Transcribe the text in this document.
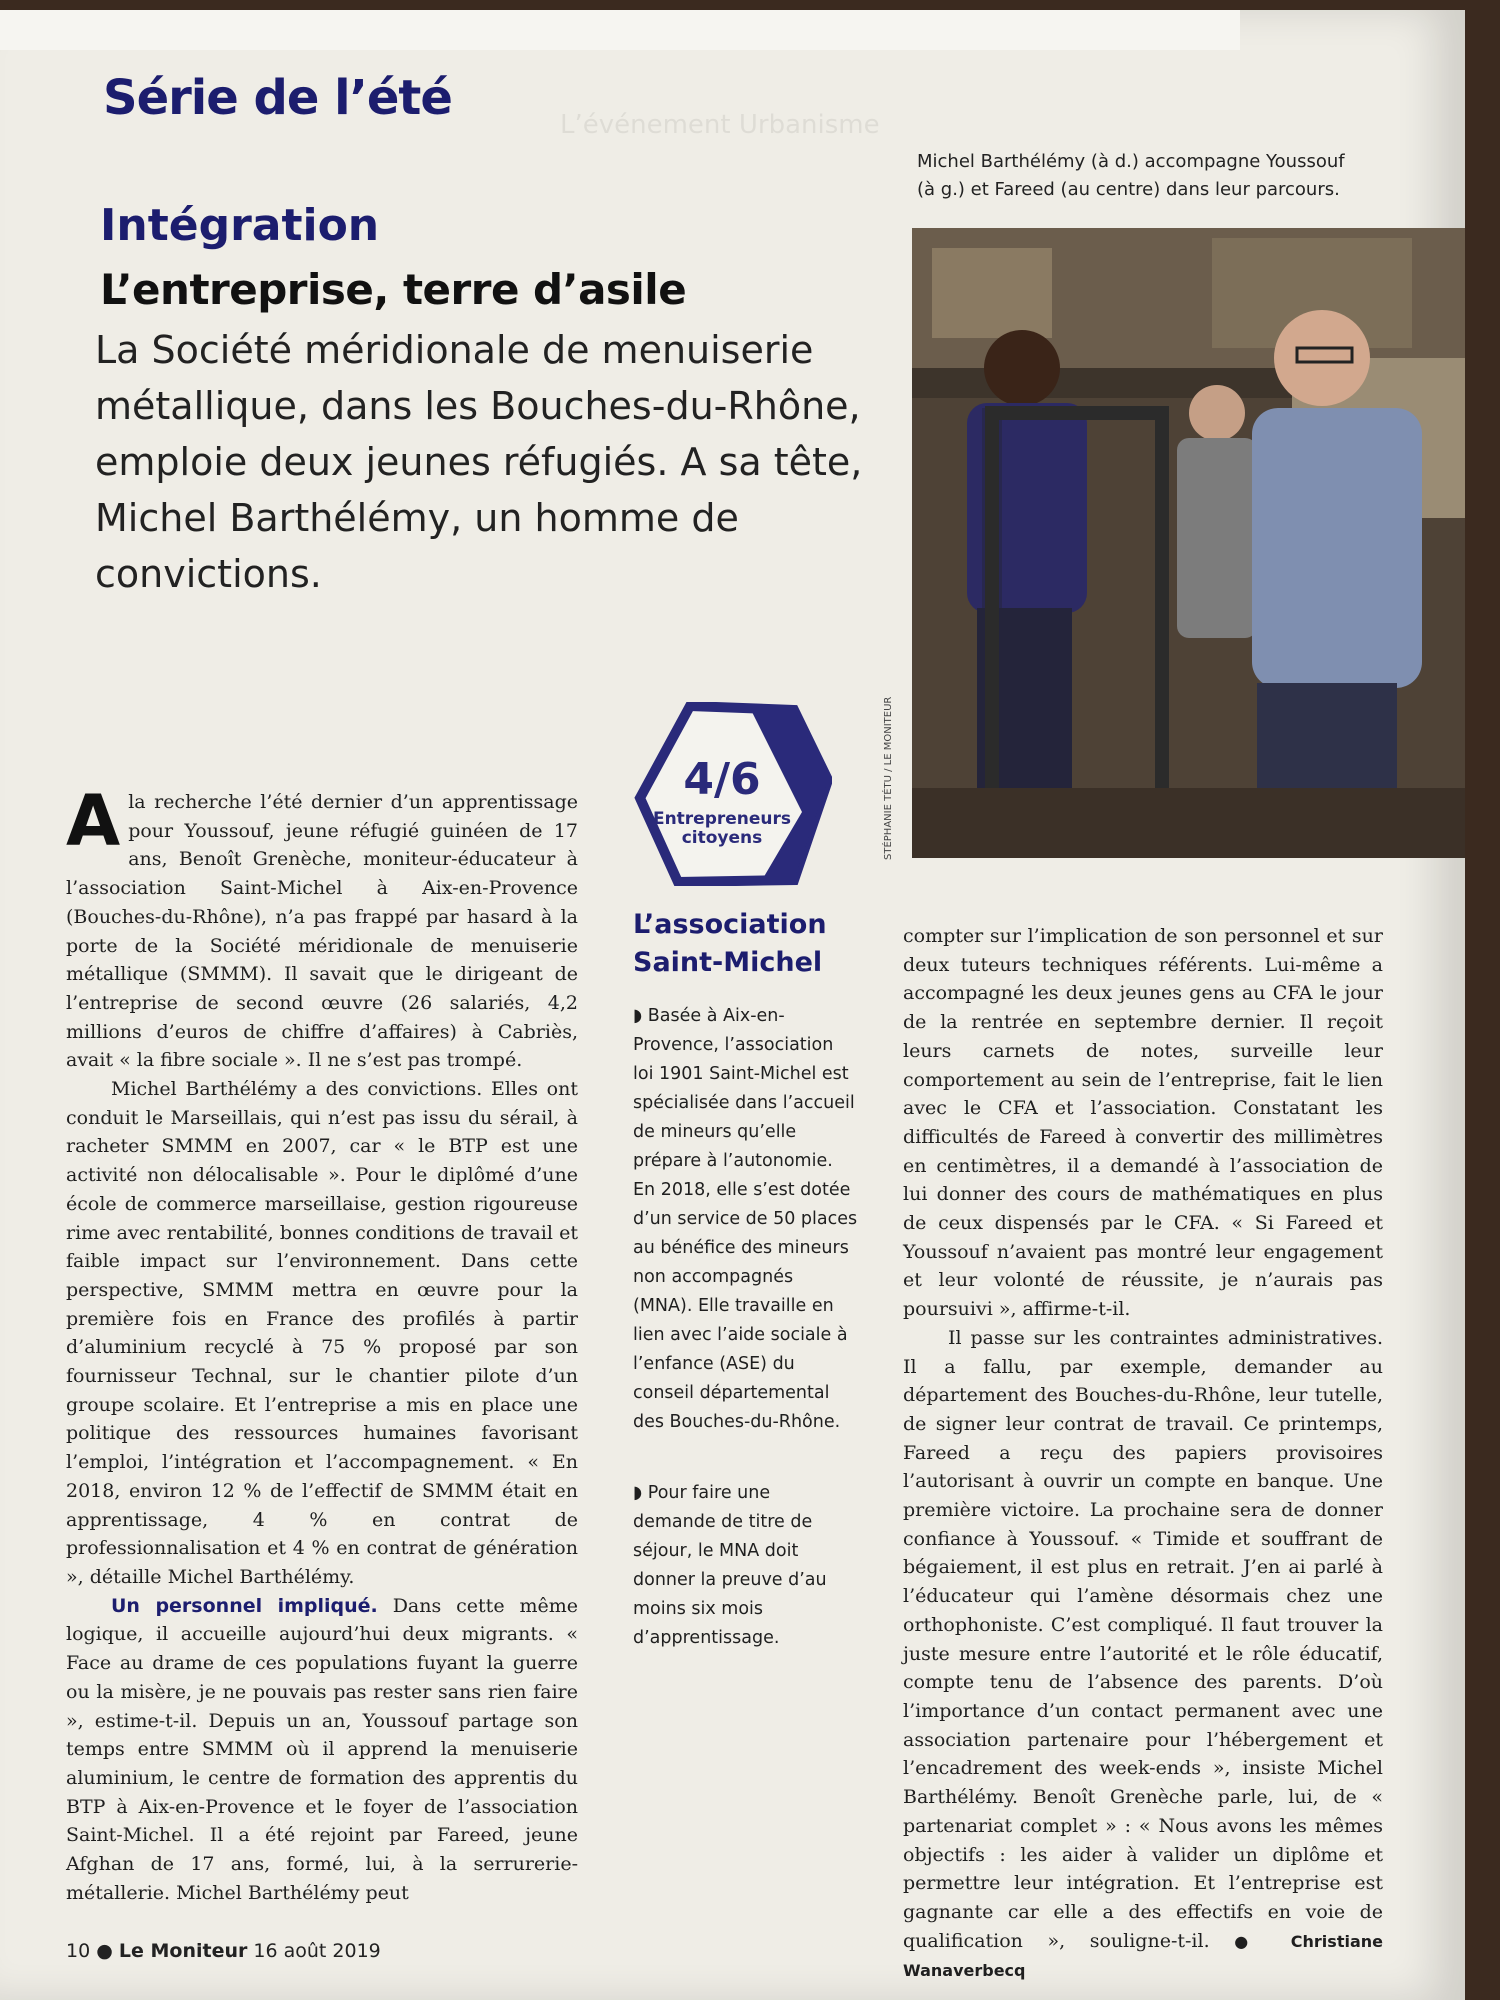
L’événement Urbanisme
Série de l’été
Michel Barthélémy (à d.) accompagne Youssouf (à g.) et Fareed (au centre) dans leur parcours.
STÉPHANIE TÉTU / LE MONITEUR
Intégration
L’entreprise, terre d’asile
La Société méridionale de menuiserie métallique, dans les Bouches-du-Rhône, emploie deux jeunes réfugiés. A sa tête, Michel Barthélémy, un homme de convictions.

Ala recherche l’été dernier d’un apprentissage pour Youssouf, jeune réfugié guinéen de 17 ans, Benoît Grenèche, moniteur-éducateur à l’association Saint-Michel à Aix-en-Provence (Bouches-du-Rhône), n’a pas frappé par hasard à la porte de la Société méridionale de menuiserie métallique (SMMM). Il savait que le dirigeant de l’entreprise de second œuvre (26 salariés, 4,2 millions d’euros de chiffre d’affaires) à Cabriès, avait « la fibre sociale ». Il ne s’est pas trompé.

Michel Barthélémy a des convictions. Elles ont conduit le Marseillais, qui n’est pas issu du sérail, à racheter SMMM en 2007, car « le BTP est une activité non délocalisable ». Pour le diplômé d’une école de commerce marseillaise, gestion rigoureuse rime avec rentabilité, bonnes conditions de travail et faible impact sur l’environnement. Dans cette perspective, SMMM mettra en œuvre pour la première fois en France des profilés à partir d’aluminium recyclé à 75 % proposé par son fournisseur Technal, sur le chantier pilote d’un groupe scolaire. Et l’entreprise a mis en place une politique des ressources humaines favorisant l’emploi, l’intégration et l’accompagnement. « En 2018, environ 12 % de l’effectif de SMMM était en apprentissage, 4 % en contrat de professionnalisation et 4 % en contrat de génération », détaille Michel Barthélémy.

Un personnel impliqué. Dans cette même logique, il accueille aujourd’hui deux migrants. « Face au drame de ces populations fuyant la guerre ou la misère, je ne pouvais pas rester sans rien faire », estime-t-il. Depuis un an, Youssouf partage son temps entre SMMM où il apprend la menuiserie aluminium, le centre de formation des apprentis du BTP à Aix-en-Provence et le foyer de l’association Saint-Michel. Il a été rejoint par Fareed, jeune Afghan de 17 ans, formé, lui, à la serrurerie-métallerie. Michel Barthélémy peut

4/6
Entrepreneurs
citoyens
L’association Saint-Michel

◗ Basée à Aix-en-Provence, l’association loi 1901 Saint-Michel est spécialisée dans l’accueil de mineurs qu’elle prépare à l’autonomie. En 2018, elle s’est dotée d’un service de 50 places au bénéfice des mineurs non accompagnés (MNA). Elle travaille en lien avec l’aide sociale à l’enfance (ASE) du conseil départemental des Bouches-du-Rhône.

◗ Pour faire une demande de titre de séjour, le MNA doit donner la preuve d’au moins six mois d’apprentissage.

compter sur l’implication de son personnel et sur deux tuteurs techniques référents. Lui-même a accompagné les deux jeunes gens au CFA le jour de la rentrée en septembre dernier. Il reçoit leurs carnets de notes, surveille leur comportement au sein de l’entreprise, fait le lien avec le CFA et l’association. Constatant les difficultés de Fareed à convertir des millimètres en centimètres, il a demandé à l’association de lui donner des cours de mathématiques en plus de ceux dispensés par le CFA. « Si Fareed et Youssouf n’avaient pas montré leur engagement et leur volonté de réussite, je n’aurais pas poursuivi », affirme-t-il.

Il passe sur les contraintes administratives. Il a fallu, par exemple, demander au département des Bouches-du-Rhône, leur tutelle, de signer leur contrat de travail. Ce printemps, Fareed a reçu des papiers provisoires l’autorisant à ouvrir un compte en banque. Une première victoire. La prochaine sera de donner confiance à Youssouf. « Timide et souffrant de bégaiement, il est plus en retrait. J’en ai parlé à l’éducateur qui l’amène désormais chez une orthophoniste. C’est compliqué. Il faut trouver la juste mesure entre l’autorité et le rôle éducatif, compte tenu de l’absence des parents. D’où l’importance d’un contact permanent avec une association partenaire pour l’hébergement et l’encadrement des week-ends », insiste Michel Barthélémy. Benoît Grenèche parle, lui, de « partenariat complet » : « Nous avons les mêmes objectifs : les aider à valider un diplôme et permettre leur intégration. Et l’entreprise est gagnante car elle a des effectifs en voie de qualification », souligne-t-il. ● Christiane Wanaverbecq

10 ● Le Moniteur 16 août 2019
